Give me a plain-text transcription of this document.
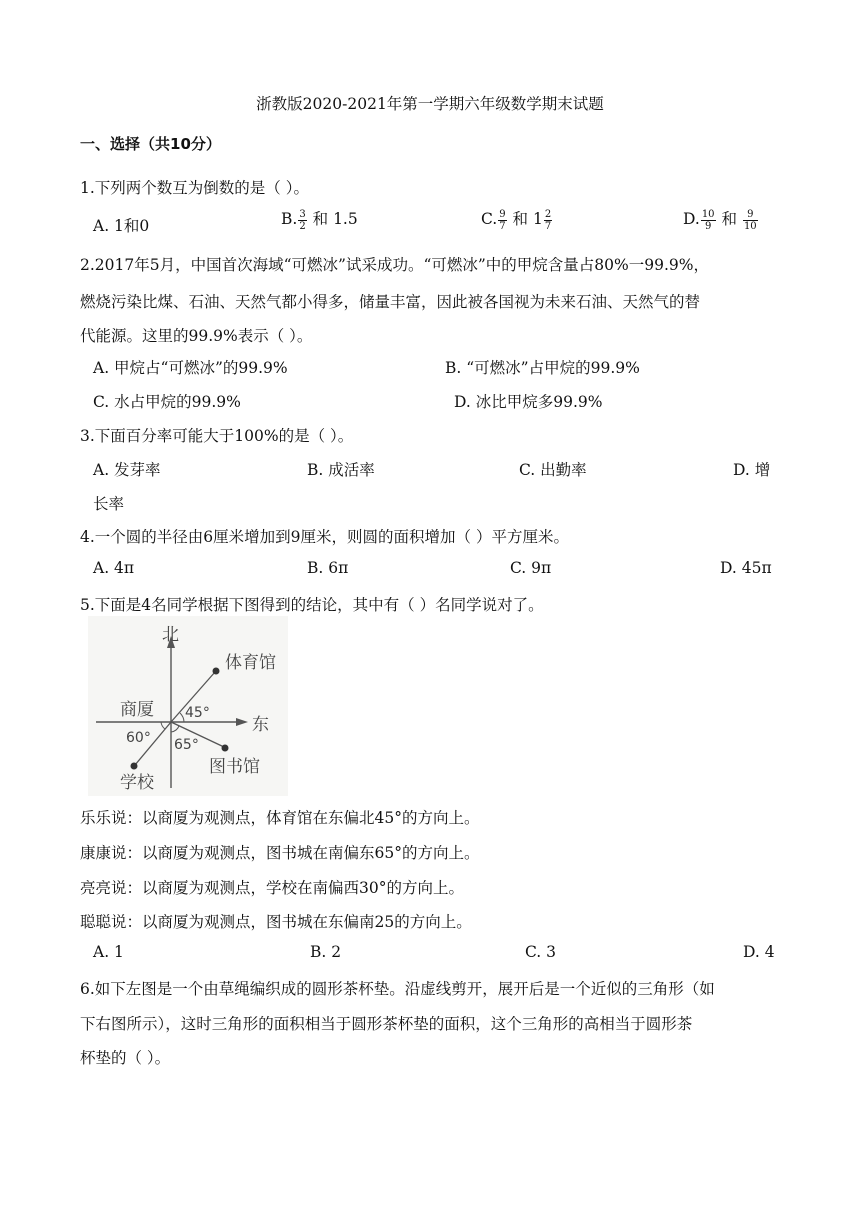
浙教版2020-2021年第一学期六年级数学期末试题
一、选择（共10分）
1.下列两个数互为倒数的是（ ）。
A. 1和0	B. $\frac{3}{2}$ 和 1.5	C. $\frac{9}{7}$ 和 $1 \frac{2}{7}$	D. $\frac{10}{9}$ 和 $\frac{9}{10}$
2.2017年5月，中国首次海域“可燃冰”试采成功。“可燃冰”中的甲烷含量占80%一99.9%，
燃烧污染比煤、石油、天然气都小得多，储量丰富，因此被各国视为未来石油、天然气的替
代能源。这里的99.9%表示（ ）。
A. 甲烷占“可燃冰”的99.9%	B. “可燃冰”占甲烷的99.9%
C. 水占甲烷的99.9%	D. 冰比甲烷多99.9%
3.下面百分率可能大于100%的是（ ）。
A. 发芽率	B. 成活率	C. 出勤率	D. 增
长率
4.一个圆的半径由6厘米增加到9厘米，则圆的面积增加（ ）平方厘米。
A. 4π	B. 6π	C. 9π	D. 45π
5.下面是4名同学根据下图得到的结论，其中有（ ）名同学说对了。
北
东
商厦
体育馆
图书馆
学校
45°
65°
60°
乐乐说：以商厦为观测点，体育馆在东偏北45°的方向上。
康康说：以商厦为观测点，图书城在南偏东65°的方向上。
亮亮说：以商厦为观测点，学校在南偏西30°的方向上。
聪聪说：以商厦为观测点，图书城在东偏南25的方向上。
A. 1	B. 2	C. 3	D. 4
6.如下左图是一个由草绳编织成的圆形茶杯垫。沿虚线剪开，展开后是一个近似的三角形（如
下右图所示），这时三角形的面积相当于圆形茶杯垫的面积，这个三角形的高相当于圆形茶
杯垫的（ ）。
